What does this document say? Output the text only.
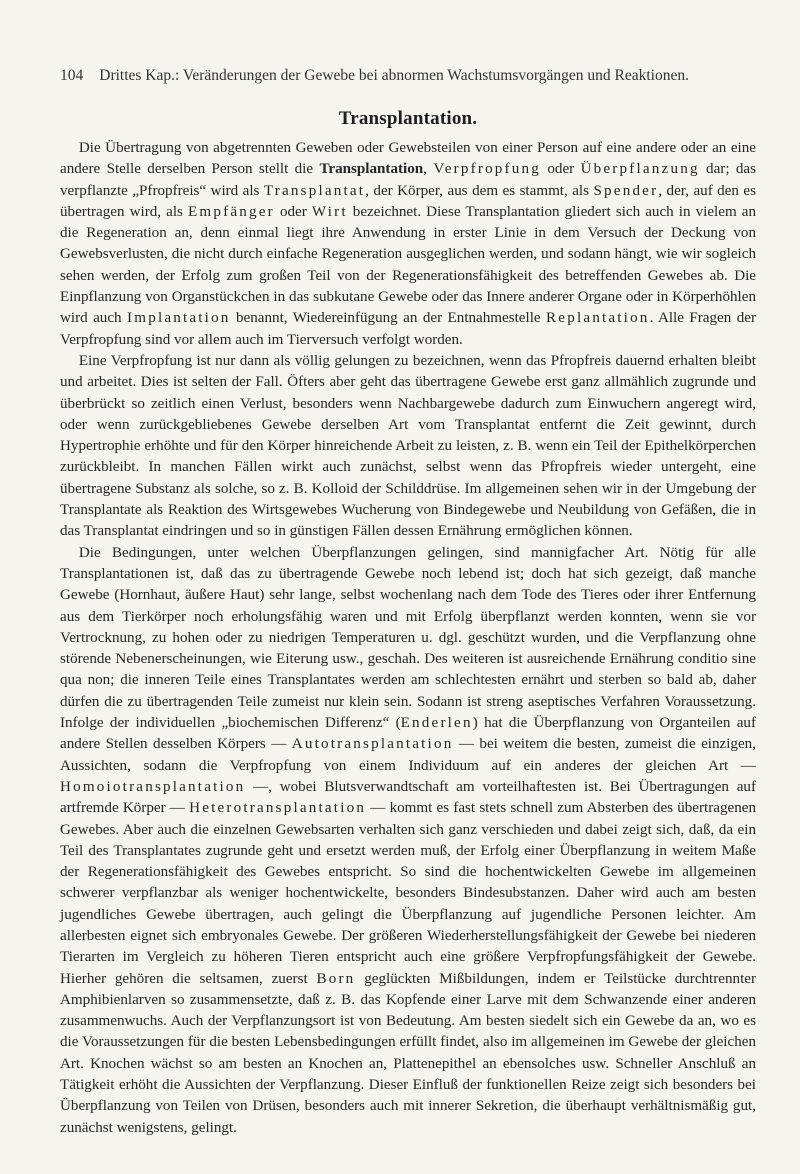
104 Drittes Kap.: Veränderungen der Gewebe bei abnormen Wachstumsvorgängen und Reaktionen.
Transplantation.

Die Übertragung von abgetrennten Geweben oder Gewebsteilen von einer Person auf eine andere oder an eine andere Stelle derselben Person stellt die Transplantation, Verpfropfung oder Überpflanzung dar; das verpflanzte „Pfropfreis“ wird als Transplantat, der Körper, aus dem es stammt, als Spender, der, auf den es übertragen wird, als Empfänger oder Wirt bezeichnet. Diese Transplantation gliedert sich auch in vielem an die Regeneration an, denn einmal liegt ihre Anwendung in erster Linie in dem Versuch der Deckung von Gewebsverlusten, die nicht durch einfache Regeneration ausgeglichen werden, und sodann hängt, wie wir sogleich sehen werden, der Erfolg zum großen Teil von der Regenerationsfähigkeit des betreffenden Gewebes ab. Die Einpflanzung von Organstückchen in das subkutane Gewebe oder das Innere anderer Organe oder in Körperhöhlen wird auch Implantation benannt, Wiedereinfügung an der Entnahmestelle Replantation. Alle Fragen der Verpfropfung sind vor allem auch im Tierversuch verfolgt worden.

Eine Verpfropfung ist nur dann als völlig gelungen zu bezeichnen, wenn das Pfropfreis dauernd erhalten bleibt und arbeitet. Dies ist selten der Fall. Öfters aber geht das übertragene Gewebe erst ganz allmählich zugrunde und überbrückt so zeitlich einen Verlust, besonders wenn Nachbargewebe dadurch zum Einwuchern angeregt wird, oder wenn zurückgebliebenes Gewebe derselben Art vom Transplantat entfernt die Zeit gewinnt, durch Hypertrophie erhöhte und für den Körper hinreichende Arbeit zu leisten, z. B. wenn ein Teil der Epithelkörperchen zurückbleibt. In manchen Fällen wirkt auch zunächst, selbst wenn das Pfropfreis wieder untergeht, eine übertragene Substanz als solche, so z. B. Kolloid der Schilddrüse. Im allgemeinen sehen wir in der Umgebung der Transplantate als Reaktion des Wirtsgewebes Wucherung von Bindegewebe und Neubildung von Gefäßen, die in das Transplantat eindringen und so in günstigen Fällen dessen Ernährung ermöglichen können.

Die Bedingungen, unter welchen Überpflanzungen gelingen, sind mannigfacher Art. Nötig für alle Transplantationen ist, daß das zu übertragende Gewebe noch lebend ist; doch hat sich gezeigt, daß manche Gewebe (Hornhaut, äußere Haut) sehr lange, selbst wochenlang nach dem Tode des Tieres oder ihrer Entfernung aus dem Tierkörper noch erholungsfähig waren und mit Erfolg überpflanzt werden konnten, wenn sie vor Vertrocknung, zu hohen oder zu niedrigen Temperaturen u. dgl. geschützt wurden, und die Verpflanzung ohne störende Nebenerscheinungen, wie Eiterung usw., geschah. Des weiteren ist ausreichende Ernährung conditio sine qua non; die inneren Teile eines Transplantates werden am schlechtesten ernährt und sterben so bald ab, daher dürfen die zu übertragenden Teile zumeist nur klein sein. Sodann ist streng aseptisches Verfahren Voraussetzung. Infolge der individuellen „biochemischen Differenz“ (Enderlen) hat die Überpflanzung von Organteilen auf andere Stellen desselben Körpers — Autotransplantation — bei weitem die besten, zumeist die einzigen, Aussichten, sodann die Verpfropfung von einem Individuum auf ein anderes der gleichen Art — Homoiotransplantation —, wobei Blutsverwandtschaft am vorteilhaftesten ist. Bei Übertragungen auf artfremde Körper — Heterotransplantation — kommt es fast stets schnell zum Absterben des übertragenen Gewebes. Aber auch die einzelnen Gewebsarten verhalten sich ganz verschieden und dabei zeigt sich, daß, da ein Teil des Transplantates zugrunde geht und ersetzt werden muß, der Erfolg einer Überpflanzung in weitem Maße der Regenerationsfähigkeit des Gewebes entspricht. So sind die hochentwickelten Gewebe im allgemeinen schwerer verpflanzbar als weniger hochentwickelte, besonders Bindesubstanzen. Daher wird auch am besten jugendliches Gewebe übertragen, auch gelingt die Überpflanzung auf jugendliche Personen leichter. Am allerbesten eignet sich embryonales Gewebe. Der größeren Wiederherstellungsfähigkeit der Gewebe bei niederen Tierarten im Vergleich zu höheren Tieren entspricht auch eine größere Verpfropfungsfähigkeit der Gewebe. Hierher gehören die seltsamen, zuerst Born geglückten Mißbildungen, indem er Teilstücke durchtrennter Amphibienlarven so zusammensetzte, daß z. B. das Kopfende einer Larve mit dem Schwanzende einer anderen zusammenwuchs. Auch der Verpflanzungsort ist von Bedeutung. Am besten siedelt sich ein Gewebe da an, wo es die Voraussetzungen für die besten Lebensbedingungen erfüllt findet, also im allgemeinen im Gewebe der gleichen Art. Knochen wächst so am besten an Knochen an, Plattenepithel an ebensolches usw. Schneller Anschluß an Tätigkeit erhöht die Aussichten der Verpflanzung. Dieser Einfluß der funktionellen Reize zeigt sich besonders bei Überpflanzung von Teilen von Drüsen, besonders auch mit innerer Sekretion, die überhaupt verhältnismäßig gut, zunächst wenigstens, gelingt.
